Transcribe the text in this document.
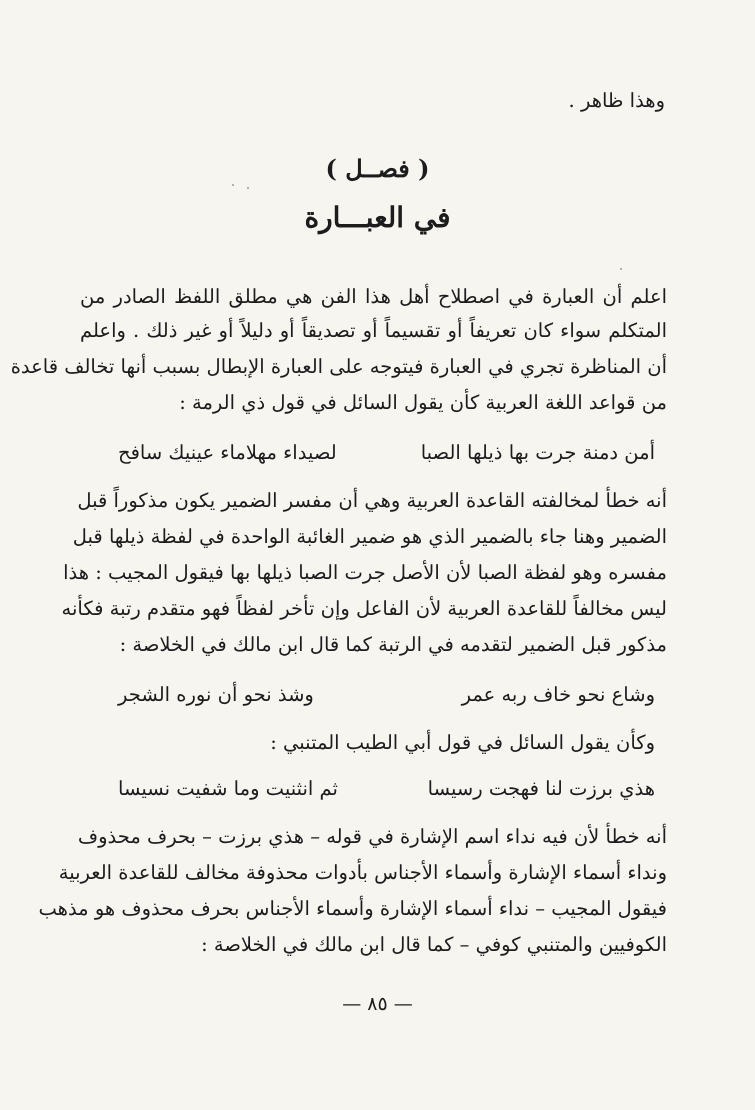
وهذا ظاهر .
( فصــل )
في العبـــارة
اعلم أن العبارة في اصطلاح أهل هذا الفن هي مطلق اللفظ الصادر من
المتكلم سواء كان تعريفاً أو تقسيماً أو تصديقاً أو دليلاً أو غير ذلك . واعلم
أن المناظرة تجري في العبارة فيتوجه على العبارة الإبطال بسبب أنها تخالف قاعدة
من قواعد اللغة العربية كأن يقول السائل في قول ذي الرمة :
أمن دمنة جرت بها ذيلها الصبا
لصيداء مهلاماء عينيك سافح
أنه خطأ لمخالفته القاعدة العربية وهي أن مفسر الضمير يكون مذكوراً قبل
الضمير وهنا جاء بالضمير الذي هو ضمير الغائبة الواحدة في لفظة ذيلها قبل
مفسره وهو لفظة الصبا لأن الأصل جرت الصبا ذيلها بها فيقول المجيب : هذا
ليس مخالفاً للقاعدة العربية لأن الفاعل وإن تأخر لفظاً فهو متقدم رتبة فكأنه
مذكور قبل الضمير لتقدمه في الرتبة كما قال ابن مالك في الخلاصة :
وشاع نحو خاف ربه عمر
وشذ نحو أن نوره الشجر
وكأن يقول السائل في قول أبي الطيب المتنبي :
هذي برزت لنا فهجت رسيسا
ثم انثنيت وما شفيت نسيسا
أنه خطأ لأن فيه نداء اسم الإشارة في قوله – هذي برزت – بحرف محذوف
ونداء أسماء الإشارة وأسماء الأجناس بأدوات محذوفة مخالف للقاعدة العربية
فيقول المجيب – نداء أسماء الإشارة وأسماء الأجناس بحرف محذوف هو مذهب
الكوفيين والمتنبي كوفي – كما قال ابن مالك في الخلاصة :
— ٨٥ —
